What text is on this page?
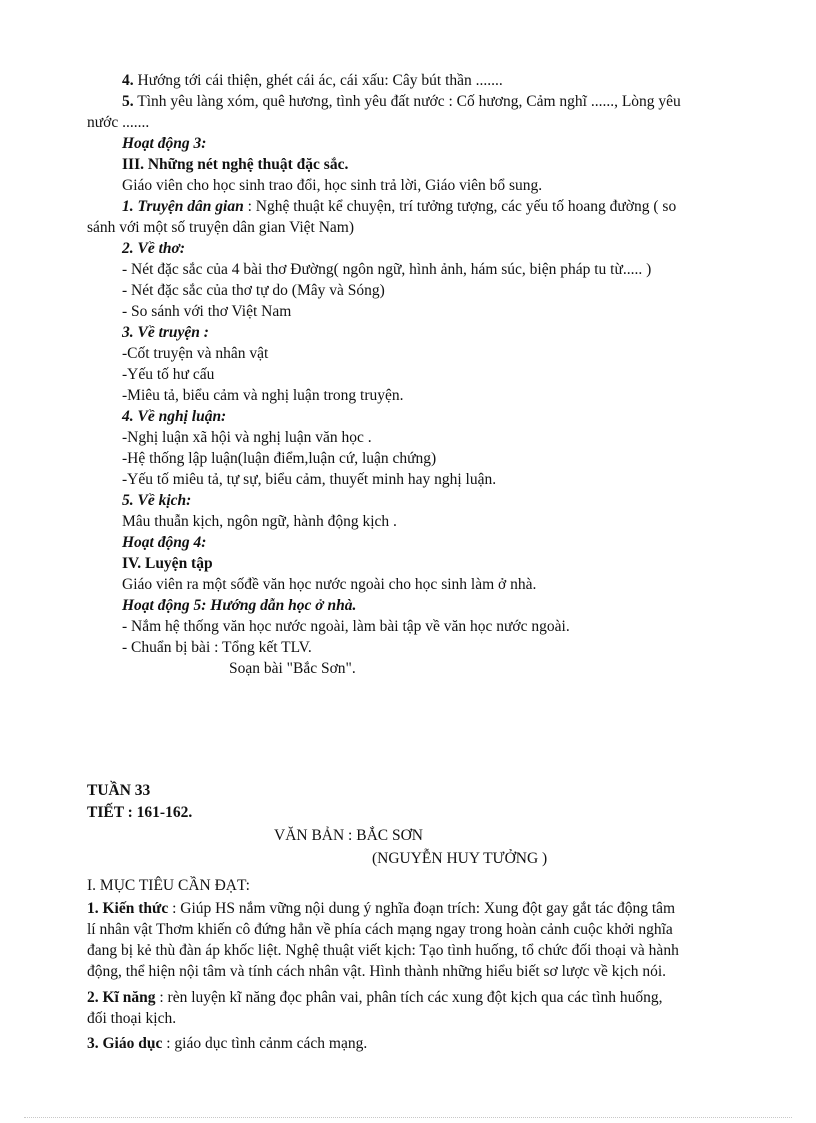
4. Hướng tới cái thiện, ghét cái ác, cái xấu: Cây bút thần .......
5. Tình yêu làng xóm, quê hương, tình yêu đất nước : Cố hương, Cảm nghĩ ......, Lòng yêu
nước .......
Hoạt động 3:
III. Những nét nghệ thuật đặc sắc.
Giáo viên cho học sinh trao đổi, học sinh trả lời, Giáo viên bổ sung.
1. Truyện dân gian : Nghệ thuật kể chuyện, trí tưởng tượng, các yếu tố hoang đường ( so
sánh với một số truyện dân gian Việt Nam)
2. Về thơ:
- Nét đặc sắc của 4 bài thơ Đường( ngôn ngữ, hình ảnh, hám súc, biện pháp tu từ..... )
- Nét đặc sắc của thơ tự do (Mây và Sóng)
- So sánh với thơ Việt Nam
3. Về truyện :
-Cốt truyện và nhân vật
-Yếu tố hư cấu
-Miêu tả, biểu cảm và nghị luận trong truyện.
4. Về nghị luận:
-Nghị luận xã hội và nghị luận văn học .
-Hệ thống lập luận(luận điểm,luận cứ, luận chứng)
-Yếu tố miêu tả, tự sự, biểu cảm, thuyết minh hay nghị luận.
5. Về kịch:
Mâu thuẫn kịch, ngôn ngữ, hành động kịch .
Hoạt động 4:
IV. Luyện tập
Giáo viên ra một sốđề văn học nước ngoài cho học sinh làm ở nhà.
Hoạt động 5: Hướng dẫn học ở nhà.
- Nắm hệ thống văn học nước ngoài, làm bài tập về văn học nước ngoài.
- Chuẩn bị bài : Tổng kết TLV.
Soạn bài "Bắc Sơn".
TUẦN 33
TIẾT : 161-162.
VĂN BẢN : BẮC SƠN
(NGUYỄN HUY TƯỞNG )
I. MỤC TIÊU CẦN ĐẠT:
1. Kiến thức : Giúp HS nắm vững nội dung ý nghĩa đoạn trích: Xung đột gay gắt tác động tâm
lí nhân vật Thơm khiến cô đứng hẳn về phía cách mạng ngay trong hoàn cảnh cuộc khởi nghĩa
đang bị kẻ thù đàn áp khốc liệt. Nghệ thuật viết kịch: Tạo tình huống, tổ chức đối thoại và hành
động, thể hiện nội tâm và tính cách nhân vật. Hình thành những hiểu biết sơ lược về kịch nói.
2. Kĩ năng : rèn luyện kĩ năng đọc phân vai, phân tích các xung đột kịch qua các tình huống,
đối thoại kịch.
3. Giáo dục : giáo dục tình cảnm cách mạng.
